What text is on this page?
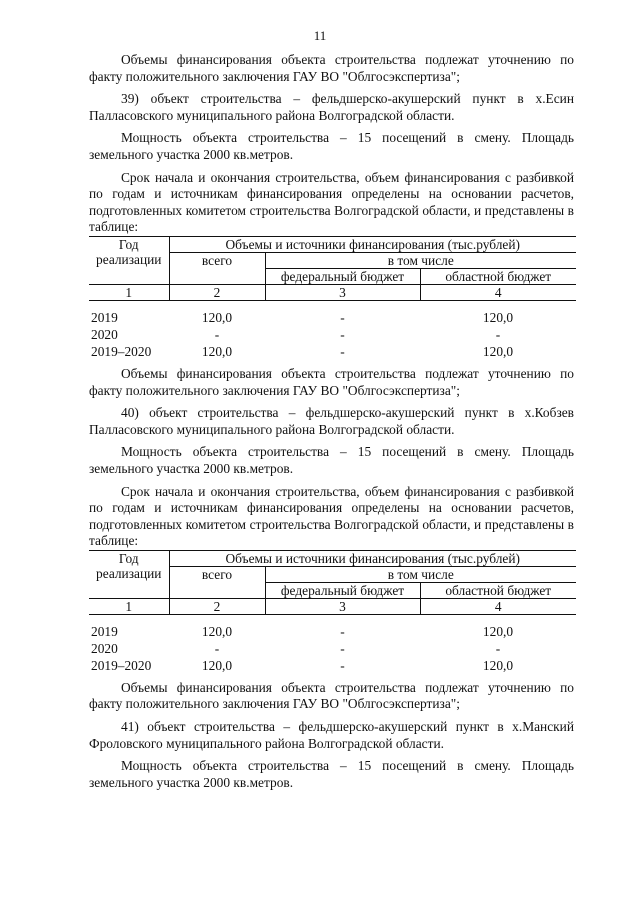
11

Объемы финансирования объекта строительства подлежат уточнению по факту положительного заключения ГАУ ВО "Облгосэкспертиза";

39) объект строительства – фельдшерско-акушерский пункт в х.Есин Палласовского муниципального района Волгоградской области.

Мощность объекта строительства – 15 посещений в смену. Площадь земельного участка 2000 кв.метров.

Срок начала и окончания строительства, объем финансирования с разбивкой по годам и источникам финансирования определены на основании расчетов, подготовленных комитетом строительства Волгоградской области, и представлены в таблице:

Год реализации	Объемы и источники финансирования (тыс.рублей)		
	всего	в том числе	
		федеральный бюджет	областной бюджет
1	2	3	4

2019	120,0	-	120,0
2020	-	-	-
2019–2020	120,0	-	120,0

Объемы финансирования объекта строительства подлежат уточнению по факту положительного заключения ГАУ ВО "Облгосэкспертиза";

40) объект строительства – фельдшерско-акушерский пункт в х.Кобзев Палласовского муниципального района Волгоградской области.

Мощность объекта строительства – 15 посещений в смену. Площадь земельного участка 2000 кв.метров.

Срок начала и окончания строительства, объем финансирования с разбивкой по годам и источникам финансирования определены на основании расчетов, подготовленных комитетом строительства Волгоградской области, и представлены в таблице:

Год реализации	Объемы и источники финансирования (тыс.рублей)		
	всего	в том числе	
		федеральный бюджет	областной бюджет
1	2	3	4

2019	120,0	-	120,0
2020	-	-	-
2019–2020	120,0	-	120,0

Объемы финансирования объекта строительства подлежат уточнению по факту положительного заключения ГАУ ВО "Облгосэкспертиза";

41) объект строительства – фельдшерско-акушерский пункт в х.Манский Фроловского муниципального района Волгоградской области.

Мощность объекта строительства – 15 посещений в смену. Площадь земельного участка 2000 кв.метров.
